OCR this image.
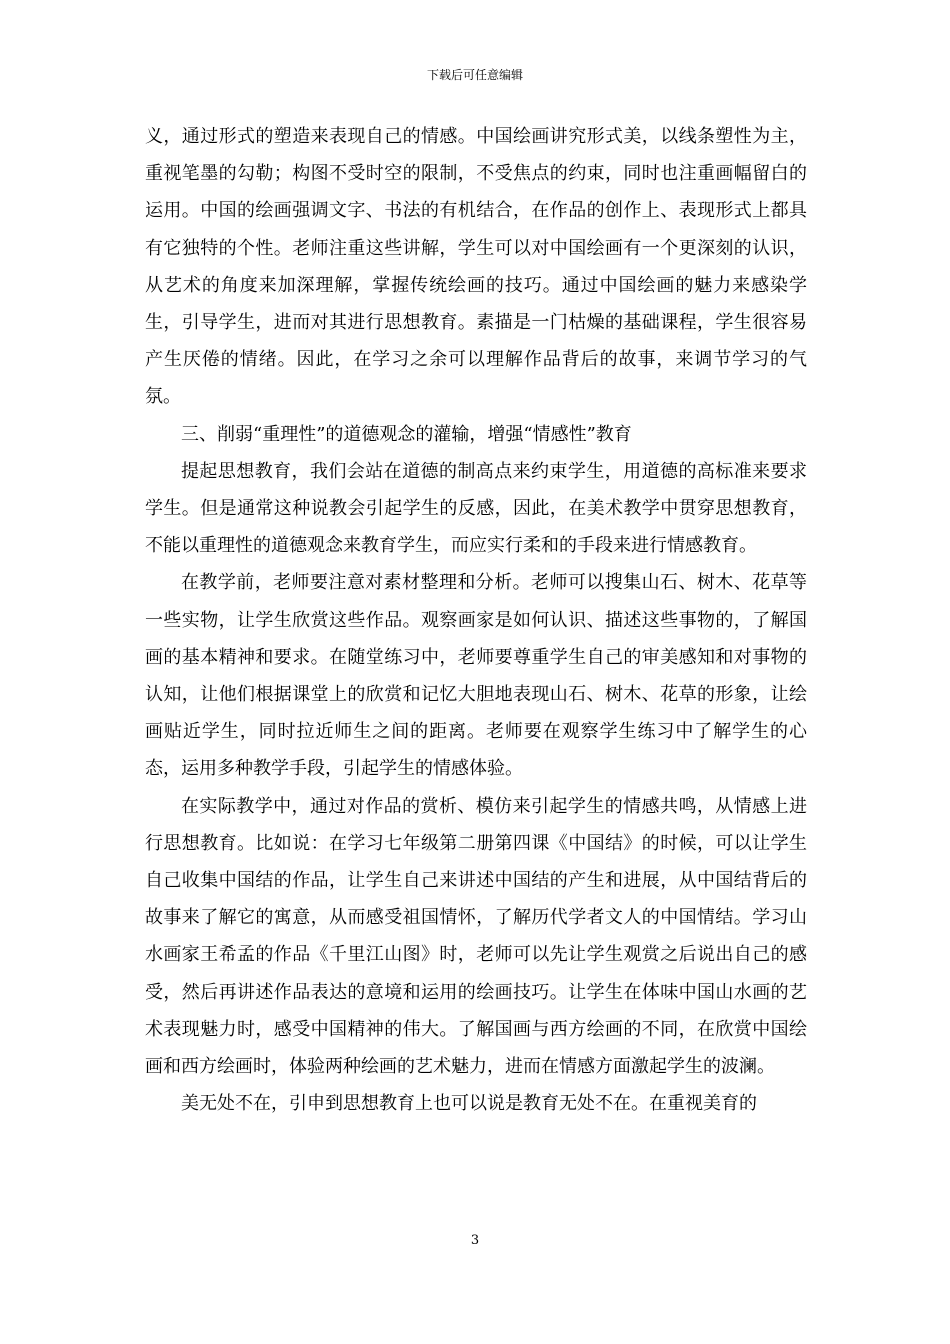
下载后可任意编辑

义，通过形式的塑造来表现自己的情感。中国绘画讲究形式美，以线条塑性为主，重视笔墨的勾勒；构图不受时空的限制，不受焦点的约束，同时也注重画幅留白的运用。中国的绘画强调文字、书法的有机结合，在作品的创作上、表现形式上都具有它独特的个性。老师注重这些讲解，学生可以对中国绘画有一个更深刻的认识，从艺术的角度来加深理解，掌握传统绘画的技巧。通过中国绘画的魅力来感染学生，引导学生，进而对其进行思想教育。素描是一门枯燥的基础课程，学生很容易产生厌倦的情绪。因此，在学习之余可以理解作品背后的故事，来调节学习的气氛。

三、削弱“重理性”的道德观念的灌输，增强“情感性”教育

提起思想教育，我们会站在道德的制高点来约束学生，用道德的高标准来要求学生。但是通常这种说教会引起学生的反感，因此，在美术教学中贯穿思想教育，不能以重理性的道德观念来教育学生，而应实行柔和的手段来进行情感教育。

在教学前，老师要注意对素材整理和分析。老师可以搜集山石、树木、花草等一些实物，让学生欣赏这些作品。观察画家是如何认识、描述这些事物的，了解国画的基本精神和要求。在随堂练习中，老师要尊重学生自己的审美感知和对事物的认知，让他们根据课堂上的欣赏和记忆大胆地表现山石、树木、花草的形象，让绘画贴近学生，同时拉近师生之间的距离。老师要在观察学生练习中了解学生的心态，运用多种教学手段，引起学生的情感体验。

在实际教学中，通过对作品的赏析、模仿来引起学生的情感共鸣，从情感上进行思想教育。比如说：在学习七年级第二册第四课《中国结》的时候，可以让学生自己收集中国结的作品，让学生自己来讲述中国结的产生和进展，从中国结背后的故事来了解它的寓意，从而感受祖国情怀，了解历代学者文人的中国情结。学习山水画家王希孟的作品《千里江山图》时，老师可以先让学生观赏之后说出自己的感受，然后再讲述作品表达的意境和运用的绘画技巧。让学生在体味中国山水画的艺术表现魅力时，感受中国精神的伟大。了解国画与西方绘画的不同，在欣赏中国绘画和西方绘画时，体验两种绘画的艺术魅力，进而在情感方面激起学生的波澜。

美无处不在，引申到思想教育上也可以说是教育无处不在。在重视美育的

3
